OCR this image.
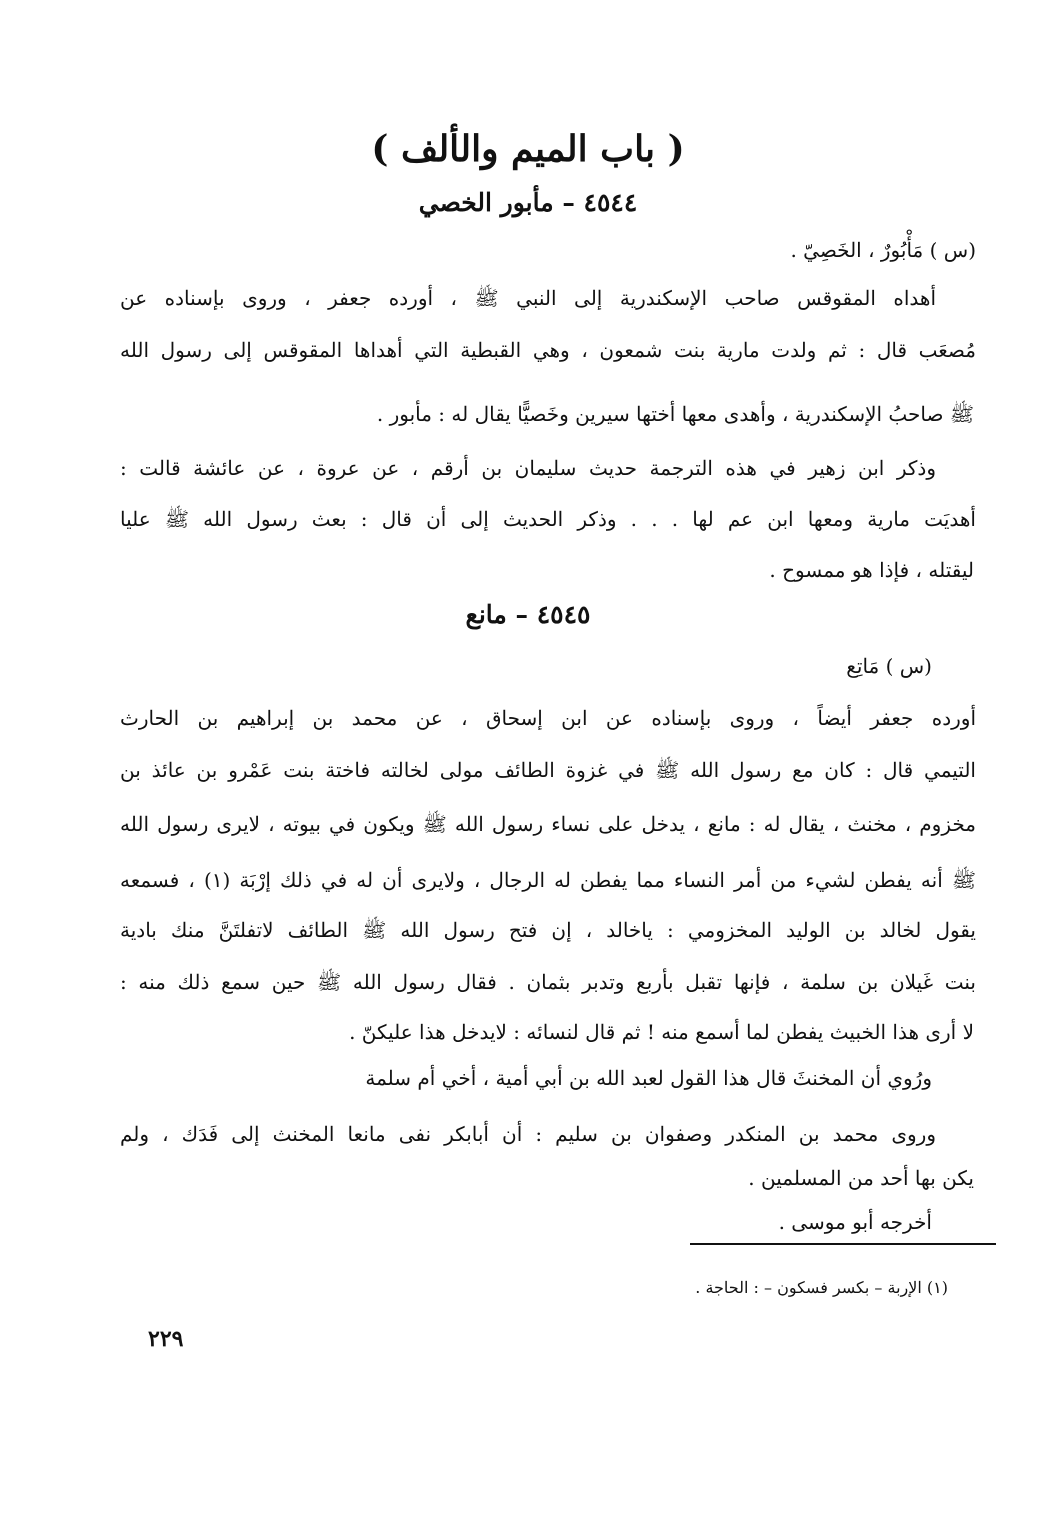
( باب الميم والألف )
٤٥٤٤ – مأبور الخصي
(س ) مَأْبُورٌ ، الخَصِيّ .
أهداه المقوقس صاحب الإسكندرية إلى النبي ﷺ ، أورده جعفر ، وروى بإسناده عن
مُصعَب قال : ثم ولدت مارية بنت شمعون ، وهي القبطية التي أهداها المقوقس إلى رسول الله
ﷺ صاحبُ الإسكندرية ، وأهدى معها أختها سيرين وخَصيًّا يقال له : مأبور .
وذكر ابن زهير في هذه الترجمة حديث سليمان بن أرقم ، عن عروة ، عن عائشة قالت :
أهديَت مارية ومعها ابن عم لها . . . وذكر الحديث إلى أن قال : بعث رسول الله ﷺ عليا
ليقتله ، فإذا هو ممسوح .
٤٥٤٥ – مانع
(س ) مَاتِع
أورده جعفر أيضاً ، وروى بإسناده عن ابن إسحاق ، عن محمد بن إبراهيم بن الحارث
التيمي قال : كان مع رسول الله ﷺ في غزوة الطائف مولى لخالته فاختة بنت عَمْرو بن عائذ بن
مخزوم ، مخنث ، يقال له : مانع ، يدخل على نساء رسول الله ﷺ ويكون في بيوته ، لايرى رسول الله
ﷺ أنه يفطن لشيء من أمر النساء مما يفطن له الرجال ، ولايرى أن له في ذلك إرْبَة (١) ، فسمعه
يقول لخالد بن الوليد المخزومي : ياخالد ، إن فتح رسول الله ﷺ الطائف لاتفلتَنَّ منك بادية
بنت غَيلان بن سلمة ، فإنها تقبل بأربع وتدبر بثمان . فقال رسول الله ﷺ حين سمع ذلك منه :
لا أرى هذا الخبيث يفطن لما أسمع منه ! ثم قال لنسائه : لايدخل هذا عليكنّ .
ورُوي أن المخنثَ قال هذا القول لعبد الله بن أبي أمية ، أخي أم سلمة
وروى محمد بن المنكدر وصفوان بن سليم : أن أبابكر نفى مانعا المخنث إلى فَدَك ، ولم
يكن بها أحد من المسلمين .
أخرجه أبو موسى .
(١) الإربة – بكسر فسكون – : الحاجة .
٢٢٩
